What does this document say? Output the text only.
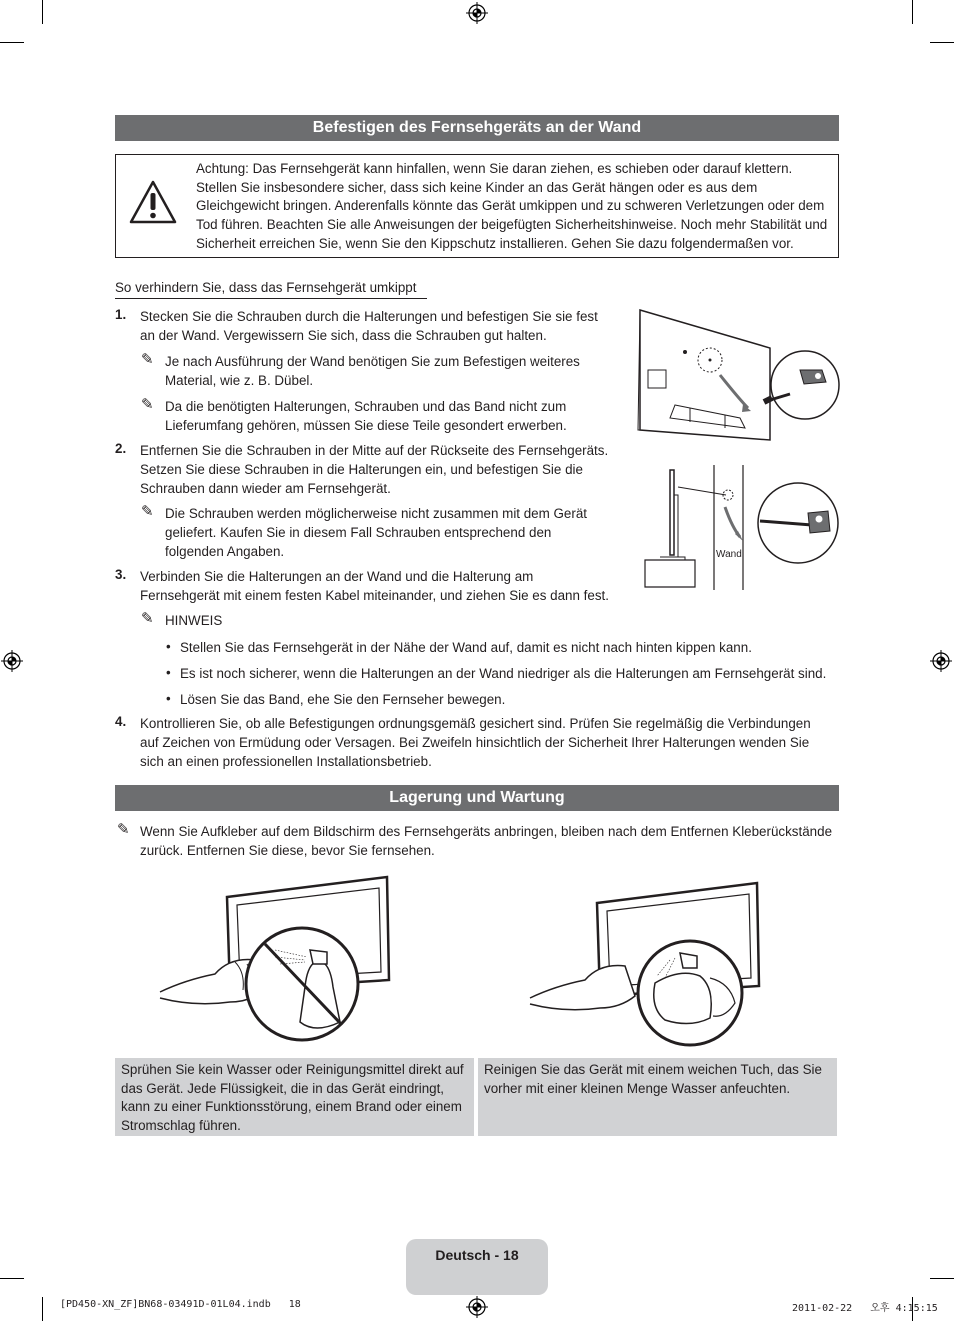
Befestigen des Fernsehgeräts an der Wand
Achtung: Das Fernsehgerät kann hinfallen, wenn Sie daran ziehen, es schieben oder darauf klettern. Stellen Sie insbesondere sicher, dass sich keine Kinder an das Gerät hängen oder es aus dem Gleichgewicht bringen. Anderenfalls könnte das Gerät umkippen und zu schweren Verletzungen oder dem Tod führen. Beachten Sie alle Anweisungen der beigefügten Sicherheitshinweise. Noch mehr Stabilität und Sicherheit erreichen Sie, wenn Sie den Kippschutz installieren. Gehen Sie dazu folgendermaßen vor.
So verhindern Sie, dass das Fernsehgerät umkippt
1. Stecken Sie die Schrauben durch die Halterungen und befestigen Sie sie fest an der Wand. Vergewissern Sie sich, dass die Schrauben gut halten.
✎ Je nach Ausführung der Wand benötigen Sie zum Befestigen weiteres Material, wie z. B. Dübel.
✎ Da die benötigten Halterungen, Schrauben und das Band nicht zum Lieferumfang gehören, müssen Sie diese Teile gesondert erwerben.
2. Entfernen Sie die Schrauben in der Mitte auf der Rückseite des Fernsehgeräts. Setzen Sie diese Schrauben in die Halterungen ein, und befestigen Sie die Schrauben dann wieder am Fernsehgerät.
✎ Die Schrauben werden möglicherweise nicht zusammen mit dem Gerät geliefert. Kaufen Sie in diesem Fall Schrauben entsprechend den folgenden Angaben.
3. Verbinden Sie die Halterungen an der Wand und die Halterung am Fernsehgerät mit einem festen Kabel miteinander, und ziehen Sie es dann fest.
✎ HINWEIS
• Stellen Sie das Fernsehgerät in der Nähe der Wand auf, damit es nicht nach hinten kippen kann.
• Es ist noch sicherer, wenn die Halterungen an der Wand niedriger als die Halterungen am Fernsehgerät sind.
• Lösen Sie das Band, ehe Sie den Fernseher bewegen.
4. Kontrollieren Sie, ob alle Befestigungen ordnungsgemäß gesichert sind. Prüfen Sie regelmäßig die Verbindungen auf Zeichen von Ermüdung oder Versagen. Bei Zweifeln hinsichtlich der Sicherheit Ihrer Halterungen wenden Sie sich an einen professionellen Installationsbetrieb.
Wand
Lagerung und Wartung
✎ Wenn Sie Aufkleber auf dem Bildschirm des Fernsehgeräts anbringen, bleiben nach dem Entfernen Kleberückstände zurück. Entfernen Sie diese, bevor Sie fernsehen.
Sprühen Sie kein Wasser oder Reinigungsmittel direkt auf das Gerät. Jede Flüssigkeit, die in das Gerät eindringt, kann zu einer Funktionsstörung, einem Brand oder einem Stromschlag führen.
Reinigen Sie das Gerät mit einem weichen Tuch, das Sie vorher mit einer kleinen Menge Wasser anfeuchten.
Deutsch - 18
[PD450-XN_ZF]BN68-03491D-01L04.indb   18	2011-02-22   오후 4:15:15
